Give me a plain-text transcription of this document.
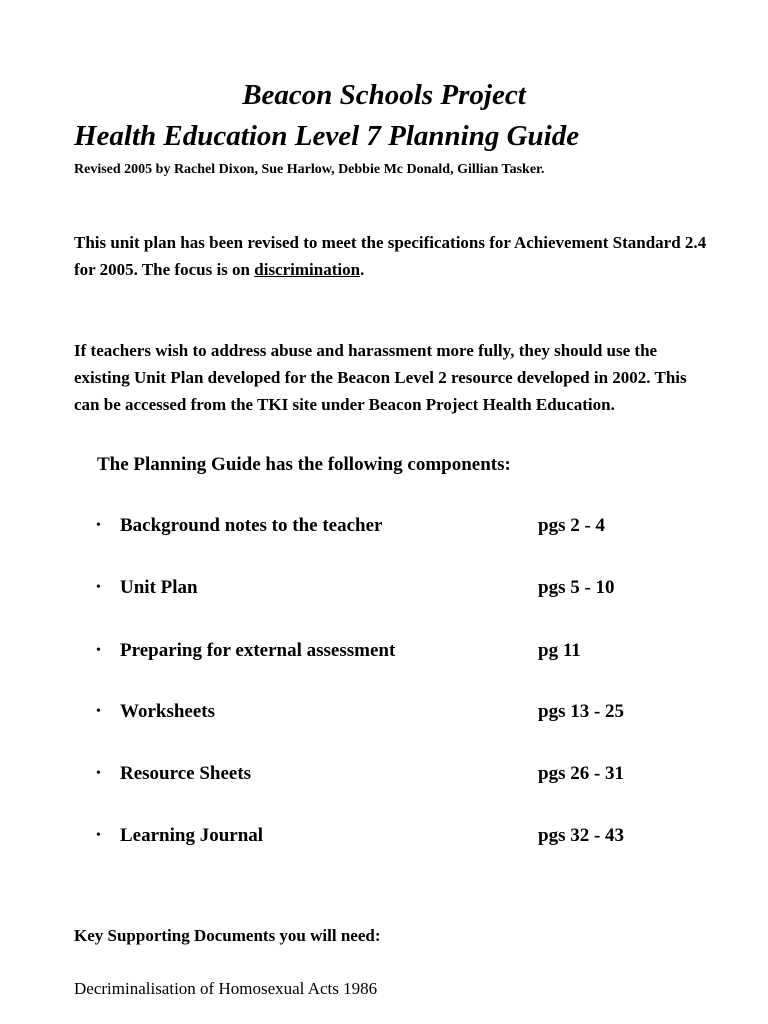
Beacon Schools Project
Health Education Level 7 Planning Guide
Revised 2005 by Rachel Dixon, Sue Harlow, Debbie Mc Donald, Gillian Tasker.
This unit plan has been revised to meet the specifications for Achievement Standard 2.4 for 2005. The focus is on discrimination.
If teachers wish to address abuse and harassment more fully, they should use the existing Unit Plan developed for the Beacon Level 2 resource developed in 2002. This can be accessed from the TKI site under Beacon Project Health Education.
The Planning Guide has the following components:
• Background notes to the teacher	pgs 2 - 4
• Unit Plan	pgs 5 - 10
• Preparing for external assessment	pg 11
• Worksheets	pgs 13 - 25
• Resource Sheets	pgs 26 - 31
• Learning Journal	pgs 32 - 43
Key Supporting Documents you will need:
Decriminalisation of Homosexual Acts 1986
